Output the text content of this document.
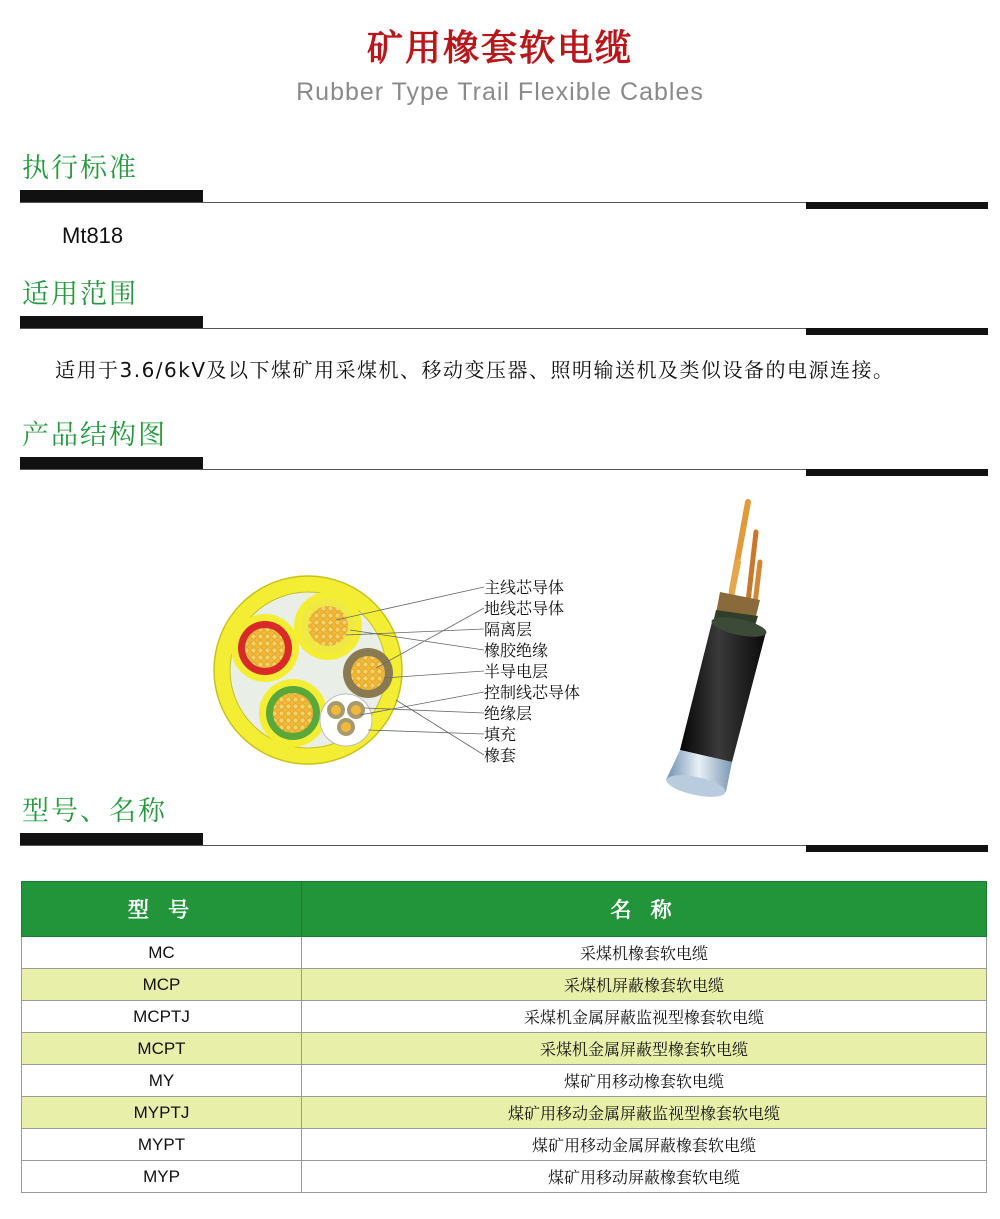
矿用橡套软电缆
Rubber Type Trail Flexible Cables
执行标准
Mt818
适用范围
适用于3.6/6kV及以下煤矿用采煤机、移动变压器、照明输送机及类似设备的电源连接。
产品结构图
主线芯导体
地线芯导体
隔离层
橡胶绝缘
半导电层
控制线芯导体
绝缘层
填充
橡套
型号、名称
型 号	名 称
MC	采煤机橡套软电缆
MCP	采煤机屏蔽橡套软电缆
MCPTJ	采煤机金属屏蔽监视型橡套软电缆
MCPT	采煤机金属屏蔽型橡套软电缆
MY	煤矿用移动橡套软电缆
MYPTJ	煤矿用移动金属屏蔽监视型橡套软电缆
MYPT	煤矿用移动金属屏蔽橡套软电缆
MYP	煤矿用移动屏蔽橡套软电缆
